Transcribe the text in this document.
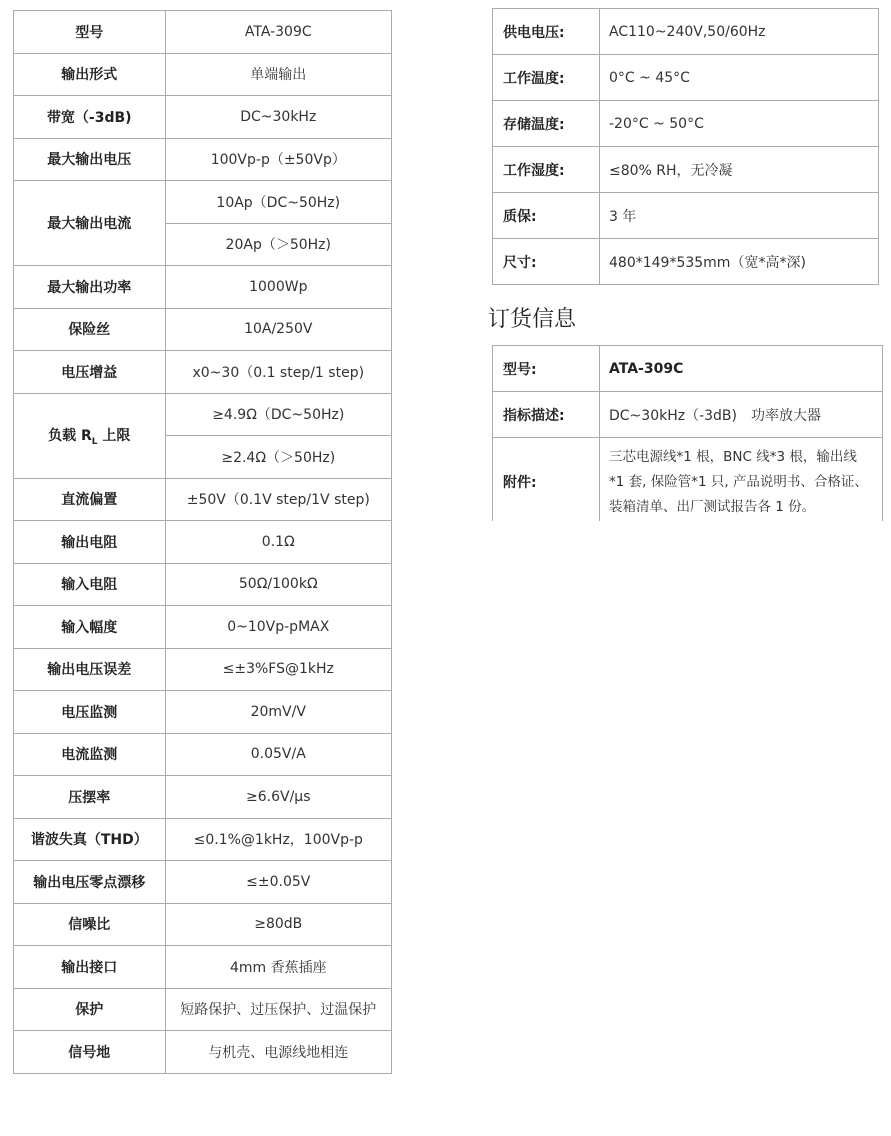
型号	ATA-309C
输出形式	单端输出
带宽（-3dB)	DC~30kHz
最大输出电压	100Vp-p（±50Vp）
最大输出电流	10Ap（DC~50Hz)
	20Ap（＞50Hz)
最大输出功率	1000Wp
保险丝	10A/250V
电压增益	x0~30（0.1 step/1 step)
负载 $R_L$ 上限	≥4.9Ω（DC~50Hz)
	≥2.4Ω（＞50Hz)
直流偏置	±50V（0.1V step/1V step)
输出电阻	0.1Ω
输入电阻	50Ω/100kΩ
输入幅度	0~10Vp-pMAX
输出电压误差	≤±3%FS@1kHz
电压监测	20mV/V
电流监测	0.05V/A
压摆率	≥6.6V/μs
谐波失真（THD）	≤0.1%@1kHz，100Vp-p
输出电压零点漂移	≤±0.05V
信噪比	≥80dB
输出接口	4mm 香蕉插座
保护	短路保护、过压保护、过温保护
信号地	与机壳、电源线地相连
供电电压:	AC110~240V,50/60Hz
工作温度:	0°C ~ 45°C
存储温度:	-20°C ~ 50°C
工作湿度:	≤80% RH，无冷凝
质保:	3 年
尺寸:	480*149*535mm（宽*高*深)
订货信息
型号:	ATA-309C
指标描述:	DC~30kHz（-3dB)　功率放大器
附件:	三芯电源线*1 根，BNC 线*3 根，输出线
*1 套, 保险管*1 只, 产品说明书、合格证、
装箱清单、出厂测试报告各 1 份。
